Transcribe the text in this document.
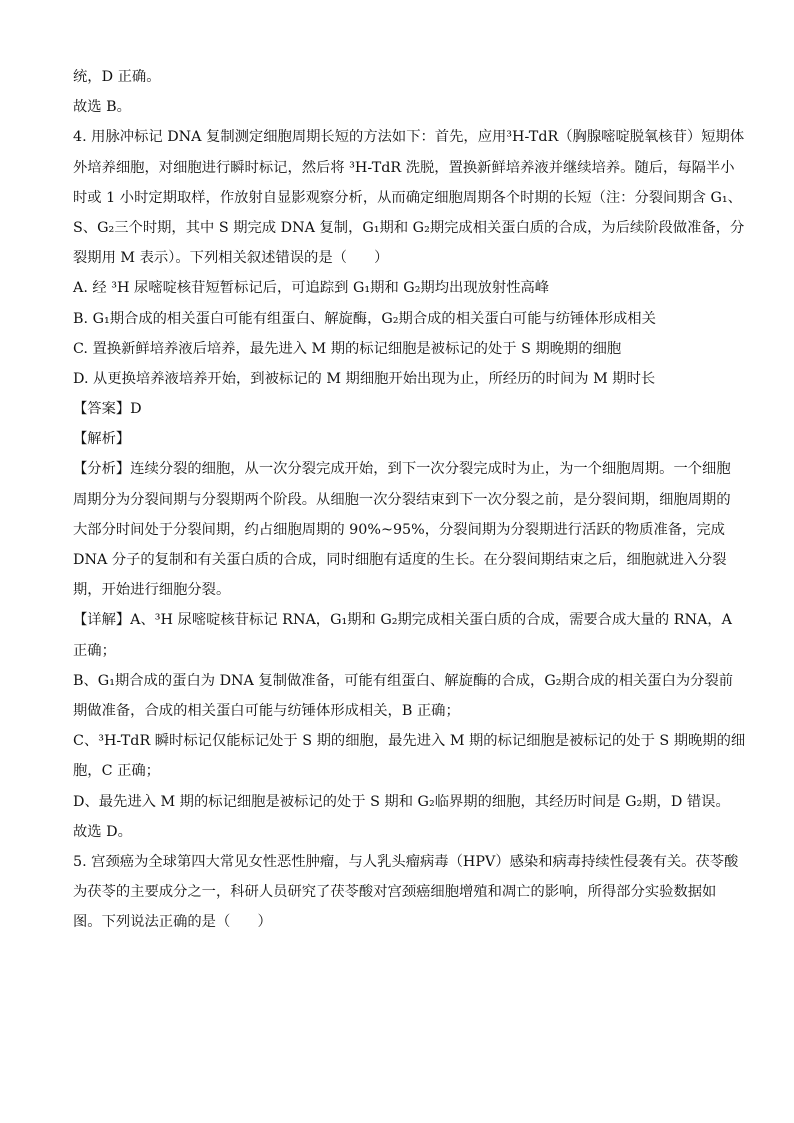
统，D 正确。
故选 B。
4. 用脉冲标记 DNA 复制测定细胞周期长短的方法如下：首先，应用³H-TdR（胸腺嘧啶脱氧核苷）短期体
外培养细胞，对细胞进行瞬时标记，然后将 ³H-TdR 洗脱，置换新鲜培养液并继续培养。随后，每隔半小
时或 1 小时定期取样，作放射自显影观察分析，从而确定细胞周期各个时期的长短（注：分裂间期含 G₁、
S、G₂三个时期，其中 S 期完成 DNA 复制，G₁期和 G₂期完成相关蛋白质的合成，为后续阶段做准备，分
裂期用 M 表示）。下列相关叙述错误的是（      ）
A. 经 ³H 尿嘧啶核苷短暂标记后，可追踪到 G₁期和 G₂期均出现放射性高峰
B. G₁期合成的相关蛋白可能有组蛋白、解旋酶，G₂期合成的相关蛋白可能与纺锤体形成相关
C. 置换新鲜培养液后培养，最先进入 M 期的标记细胞是被标记的处于 S 期晚期的细胞
D. 从更换培养液培养开始，到被标记的 M 期细胞开始出现为止，所经历的时间为 M 期时长
【答案】D
【解析】
【分析】连续分裂的细胞，从一次分裂完成开始，到下一次分裂完成时为止，为一个细胞周期。一个细胞
周期分为分裂间期与分裂期两个阶段。从细胞一次分裂结束到下一次分裂之前，是分裂间期，细胞周期的
大部分时间处于分裂间期，约占细胞周期的 90%~95%，分裂间期为分裂期进行活跃的物质准备，完成
DNA 分子的复制和有关蛋白质的合成，同时细胞有适度的生长。在分裂间期结束之后，细胞就进入分裂
期，开始进行细胞分裂。
【详解】A、³H 尿嘧啶核苷标记 RNA，G₁期和 G₂期完成相关蛋白质的合成，需要合成大量的 RNA，A
正确；
B、G₁期合成的蛋白为 DNA 复制做准备，可能有组蛋白、解旋酶的合成，G₂期合成的相关蛋白为分裂前
期做准备，合成的相关蛋白可能与纺锤体形成相关，B 正确；
C、³H-TdR 瞬时标记仅能标记处于 S 期的细胞，最先进入 M 期的标记细胞是被标记的处于 S 期晚期的细
胞，C 正确；
D、最先进入 M 期的标记细胞是被标记的处于 S 期和 G₂临界期的细胞，其经历时间是 G₂期，D 错误。
故选 D。
5. 宫颈癌为全球第四大常见女性恶性肿瘤，与人乳头瘤病毒（HPV）感染和病毒持续性侵袭有关。茯苓酸
为茯苓的主要成分之一，科研人员研究了茯苓酸对宫颈癌细胞增殖和凋亡的影响，所得部分实验数据如
图。下列说法正确的是（      ）
